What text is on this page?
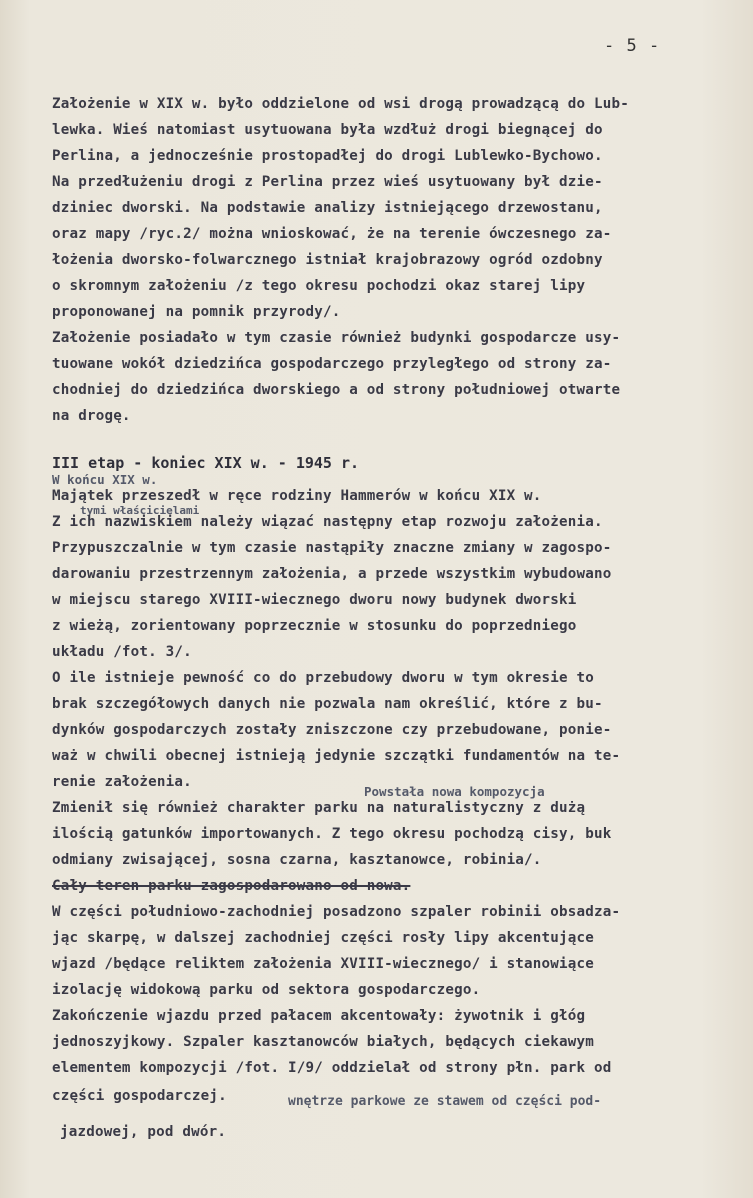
- 5 -
Założenie w XIX w. było oddzielone od wsi drogą prowadzącą do Lub-
lewka. Wieś natomiast usytuowana była wzdłuż drogi biegnącej do
Perlina, a jednocześnie prostopadłej do drogi Lublewko-Bychowo.
Na przedłużeniu drogi z Perlina przez wieś usytuowany był dzie-
dziniec dworski. Na podstawie analizy istniejącego drzewostanu,
oraz mapy /ryc.2/ można wnioskować, że na terenie ówczesnego za-
łożenia dworsko-folwarcznego istniał krajobrazowy ogród ozdobny
o skromnym założeniu /z tego okresu pochodzi okaz starej lipy
proponowanej na pomnik przyrody/.
Założenie posiadało w tym czasie również budynki gospodarcze usy-
tuowane wokół dziedzińca gospodarczego przyległego od strony za-
chodniej do dziedzińca dworskiego a od strony południowej otwarte
na drogę.
III etap - koniec XIX w. - 1945 r.
W końcu XIX w.
tymi właścicielami
Majątek przeszedł w ręce rodziny Hammerów w końcu XIX w.
Z ich nazwiskiem należy wiązać następny etap rozwoju założenia.
Przypuszczalnie w tym czasie nastąpiły znaczne zmiany w zagospo-
darowaniu przestrzennym założenia, a przede wszystkim wybudowano
w miejscu starego XVIII-wiecznego dworu nowy budynek dworski
z wieżą, zorientowany poprzecznie w stosunku do poprzedniego
układu /fot. 3/.
O ile istnieje pewność co do przebudowy dworu w tym okresie to
brak szczegółowych danych nie pozwala nam określić, które z bu-
dynków gospodarczych zostały zniszczone czy przebudowane, ponie-
waż w chwili obecnej istnieją jedynie szczątki fundamentów na te-
renie założenia.
Powstała nowa kompozycja
Zmienił się również charakter parku na naturalistyczny z dużą
ilością gatunków importowanych. Z tego okresu pochodzą cisy, buk
odmiany zwisającej, sosna czarna, kasztanowce, robinia/.
Cały teren parku zagospodarowano od nowa.
W części południowo-zachodniej posadzono szpaler robinii obsadza-
jąc skarpę, w dalszej zachodniej części rosły lipy akcentujące
wjazd /będące reliktem założenia XVIII-wiecznego/ i stanowiące
izolację widokową parku od sektora gospodarczego.
Zakończenie wjazdu przed pałacem akcentowały: żywotnik i głóg
jednoszyjkowy. Szpaler kasztanowców białych, będących ciekawym
elementem kompozycji /fot. I/9/ oddzielał od strony płn. park od
części gospodarczej.	wnętrze parkowe ze stawem od części pod-
jazdowej, pod dwór.
